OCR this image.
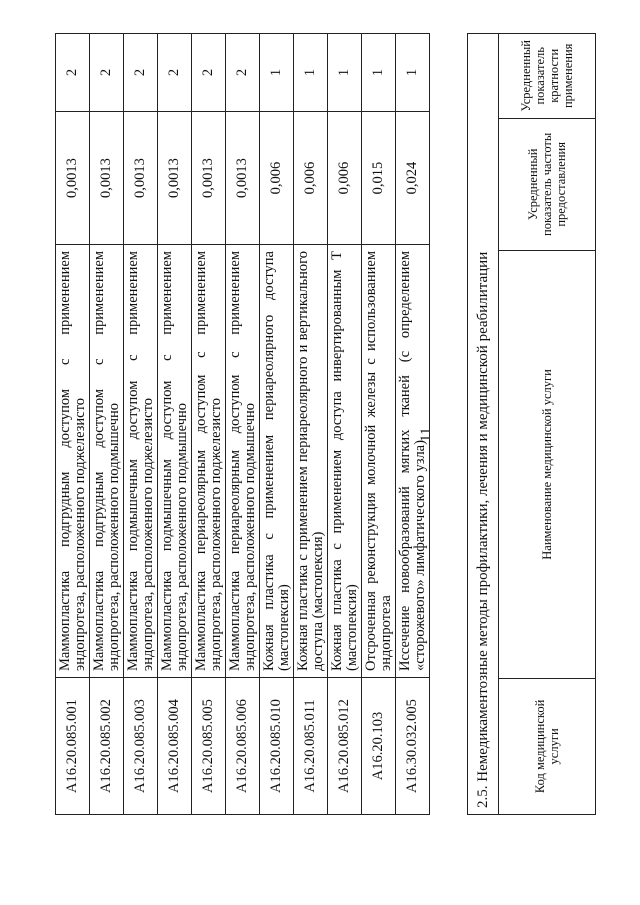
11
A16.20.085.001	Маммопластика подгрудным доступом с применением эндопротеза, расположенного поджелезисто	0,0013	2
A16.20.085.002	Маммопластика подгрудным доступом с применением эндопротеза, расположенного подмышечно	0,0013	2
A16.20.085.003	Маммопластика подмышечным доступом с применением эндопротеза, расположенного поджелезисто	0,0013	2
A16.20.085.004	Маммопластика подмышечным доступом с применением эндопротеза, расположенного подмышечно	0,0013	2
A16.20.085.005	Маммопластика периареолярным доступом с применением эндопротеза, расположенного поджелезисто	0,0013	2
A16.20.085.006	Маммопластика периареолярным доступом с применением эндопротеза, расположенного подмышечно	0,0013	2
A16.20.085.010	Кожная пластика с применением периареолярного доступа (мастопексия)	0,006	1
A16.20.085.011	Кожная пластика с применением периареолярного и вертикального доступа (мастопексия)	0,006	1
A16.20.085.012	Кожная пластика с применением доступа инвертированным Т (мастопексия)	0,006	1
A16.20.103	Отсроченная реконструкция молочной железы с использованием эндопротеза	0,015	1
A16.30.032.005	Иссечение новообразований мягких тканей (с определением «сторожевого» лимфатического узла)	0,024	1
2.5. Немедикаментозные методы профилактики, лечения и медицинской реабилитации
Код медицинской услуги	Наименование медицинской услуги	Усредненный показатель частоты предоставления	Усредненный показатель кратности применения
